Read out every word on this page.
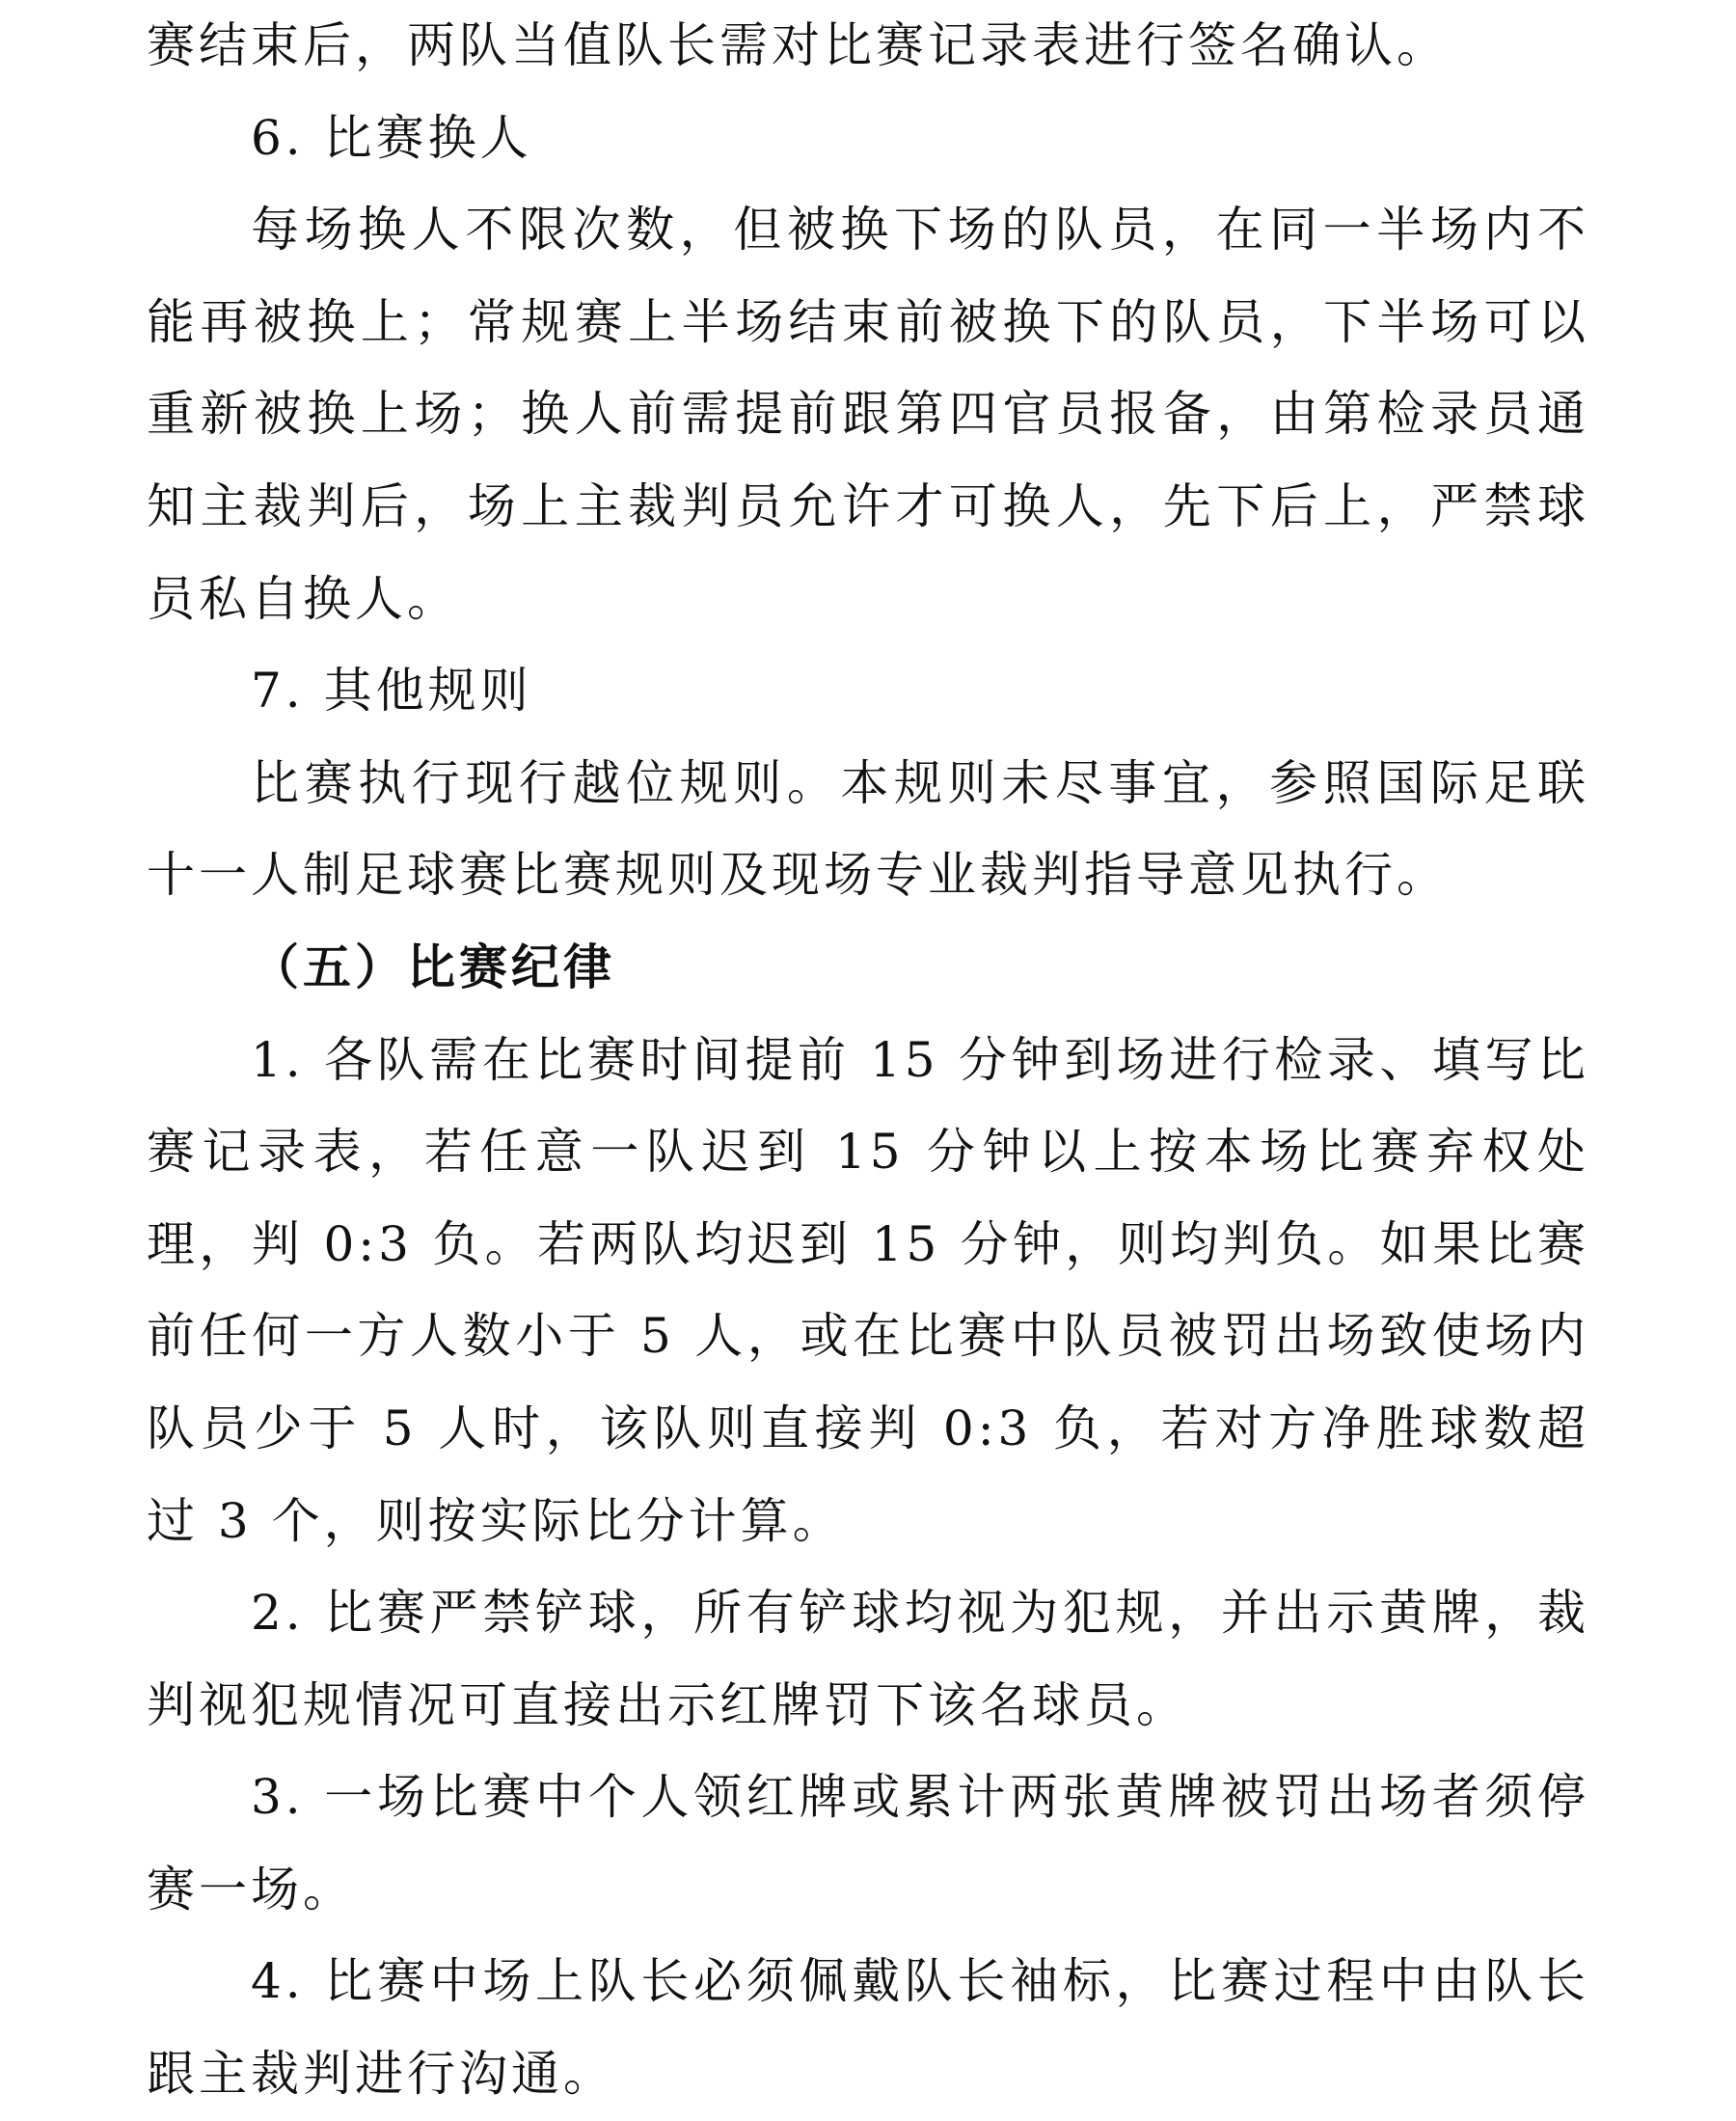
赛结束后，两队当值队长需对比赛记录表进行签名确认。

6. 比赛换人

每场换人不限次数，但被换下场的队员，在同一半场内不能再被换上；常规赛上半场结束前被换下的队员，下半场可以重新被换上场；换人前需提前跟第四官员报备，由第检录员通知主裁判后，场上主裁判员允许才可换人，先下后上，严禁球员私自换人。

7. 其他规则

比赛执行现行越位规则。本规则未尽事宜，参照国际足联十一人制足球赛比赛规则及现场专业裁判指导意见执行。

（五）比赛纪律

1. 各队需在比赛时间提前 15 分钟到场进行检录、填写比赛记录表，若任意一队迟到 15 分钟以上按本场比赛弃权处理，判 0:3 负。若两队均迟到 15 分钟，则均判负。如果比赛前任何一方人数小于 5 人，或在比赛中队员被罚出场致使场内队员少于 5 人时，该队则直接判 0:3 负，若对方净胜球数超过 3 个，则按实际比分计算。

2. 比赛严禁铲球，所有铲球均视为犯规，并出示黄牌，裁判视犯规情况可直接出示红牌罚下该名球员。

3. 一场比赛中个人领红牌或累计两张黄牌被罚出场者须停赛一场。

4. 比赛中场上队长必须佩戴队长袖标，比赛过程中由队长跟主裁判进行沟通。
